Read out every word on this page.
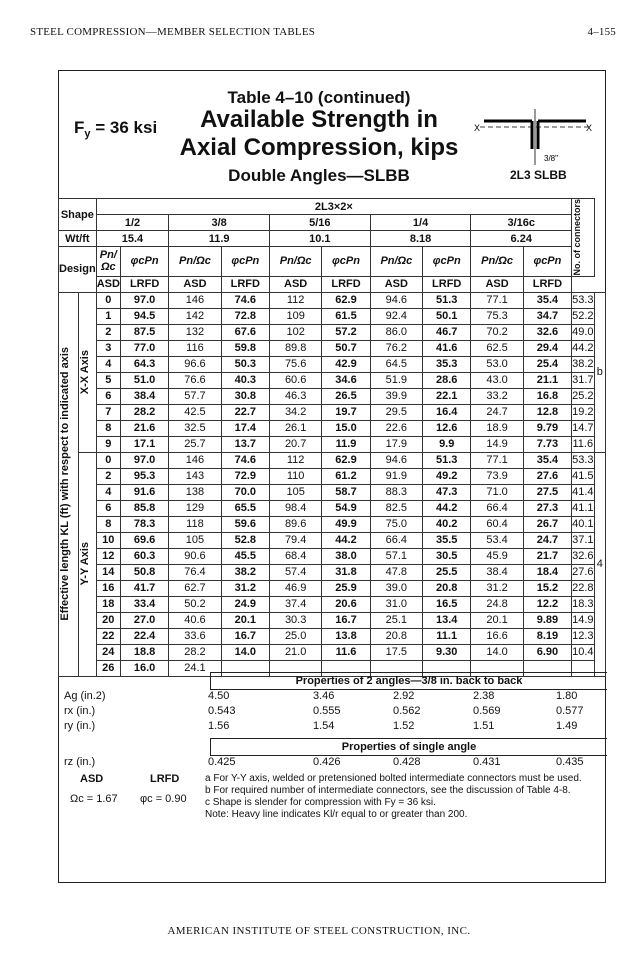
STEEL COMPRESSION—MEMBER SELECTION TABLES	4–155
Table 4–10 (continued)
Available Strength in
Axial Compression, kips
Double Angles—SLBB
$F_y = 36$ ksi	X	X
3/8"
2L3 SLBB
Shape		2L3×2×										No. of connectors	

		1/2		3/8		5/16		1/4		3/16c			
Wt/ft		15.4		11.9		10.1		8.18		6.24			
Design		Pn/Ωc	φcPn	Pn/Ωc	φcPn	Pn/Ωc	φcPn	Pn/Ωc	φcPn	Pn/Ωc	φcPn		
		ASD	LRFD	ASD	LRFD	ASD	LRFD	ASD	LRFD	ASD	LRFD		

Effective length KL (ft) with respect to indicated axis	X-X Axis	0	97.0	146	74.6	112	62.9	94.6	51.3	77.1	35.4	53.3	b
		1	94.5	142	72.8	109	61.5	92.4	50.1	75.3	34.7	52.2	
		2	87.5	132	67.6	102	57.2	86.0	46.7	70.2	32.6	49.0	
		3	77.0	116	59.8	89.8	50.7	76.2	41.6	62.5	29.4	44.2	
		4	64.3	96.6	50.3	75.6	42.9	64.5	35.3	53.0	25.4	38.2	
		5	51.0	76.6	40.3	60.6	34.6	51.9	28.6	43.0	21.1	31.7	
		6	38.4	57.7	30.8	46.3	26.5	39.9	22.1	33.2	16.8	25.2	
		7	28.2	42.5	22.7	34.2	19.7	29.5	16.4	24.7	12.8	19.2	
		8	21.6	32.5	17.4	26.1	15.0	22.6	12.6	18.9	9.79	14.7	
		9	17.1	25.7	13.7	20.7	11.9	17.9	9.9	14.9	7.73	11.6	

	Y-Y Axis	0	97.0	146	74.6	112	62.9	94.6	51.3	77.1	35.4	53.3	4
		2	95.3	143	72.9	110	61.2	91.9	49.2	73.9	27.6	41.5	
		4	91.6	138	70.0	105	58.7	88.3	47.3	71.0	27.5	41.4	
		6	85.8	129	65.5	98.4	54.9	82.5	44.2	66.4	27.3	41.1	
		8	78.3	118	59.6	89.6	49.9	75.0	40.2	60.4	26.7	40.1	
		10	69.6	105	52.8	79.4	44.2	66.4	35.5	53.4	24.7	37.1	
		12	60.3	90.6	45.5	68.4	38.0	57.1	30.5	45.9	21.7	32.6	
		14	50.8	76.4	38.2	57.4	31.8	47.8	25.5	38.4	18.4	27.6	
		16	41.7	62.7	31.2	46.9	25.9	39.0	20.8	31.2	15.2	22.8	
		18	33.4	50.2	24.9	37.4	20.6	31.0	16.5	24.8	12.2	18.3	
		20	27.0	40.6	20.1	30.3	16.7	25.1	13.4	20.1	9.89	14.9	
		22	22.4	33.6	16.7	25.0	13.8	20.8	11.1	16.6	8.19	12.3	
		24	18.8	28.2	14.0	21.0	11.6	17.5	9.30	14.0	6.90	10.4	
		26	16.0	24.1									
Properties of 2 angles—3/8 in. back to back
Ag (in.2)	4.50	3.46	2.92	2.38	1.80
rx (in.)	0.543	0.555	0.562	0.569	0.577
ry (in.)	1.56	1.54	1.52	1.51	1.49
Properties of single angle
rz (in.)	0.425	0.426	0.428	0.431	0.435
ASD	LRFD
Ωc = 1.67 φc = 0.90
a For Y-Y axis, welded or pretensioned bolted intermediate connectors must be used.
b For required number of intermediate connectors, see the discussion of Table 4-8.
c Shape is slender for compression with Fy = 36 ksi.
Note: Heavy line indicates Kl/r equal to or greater than 200.
AMERICAN INSTITUTE OF STEEL CONSTRUCTION, INC.
